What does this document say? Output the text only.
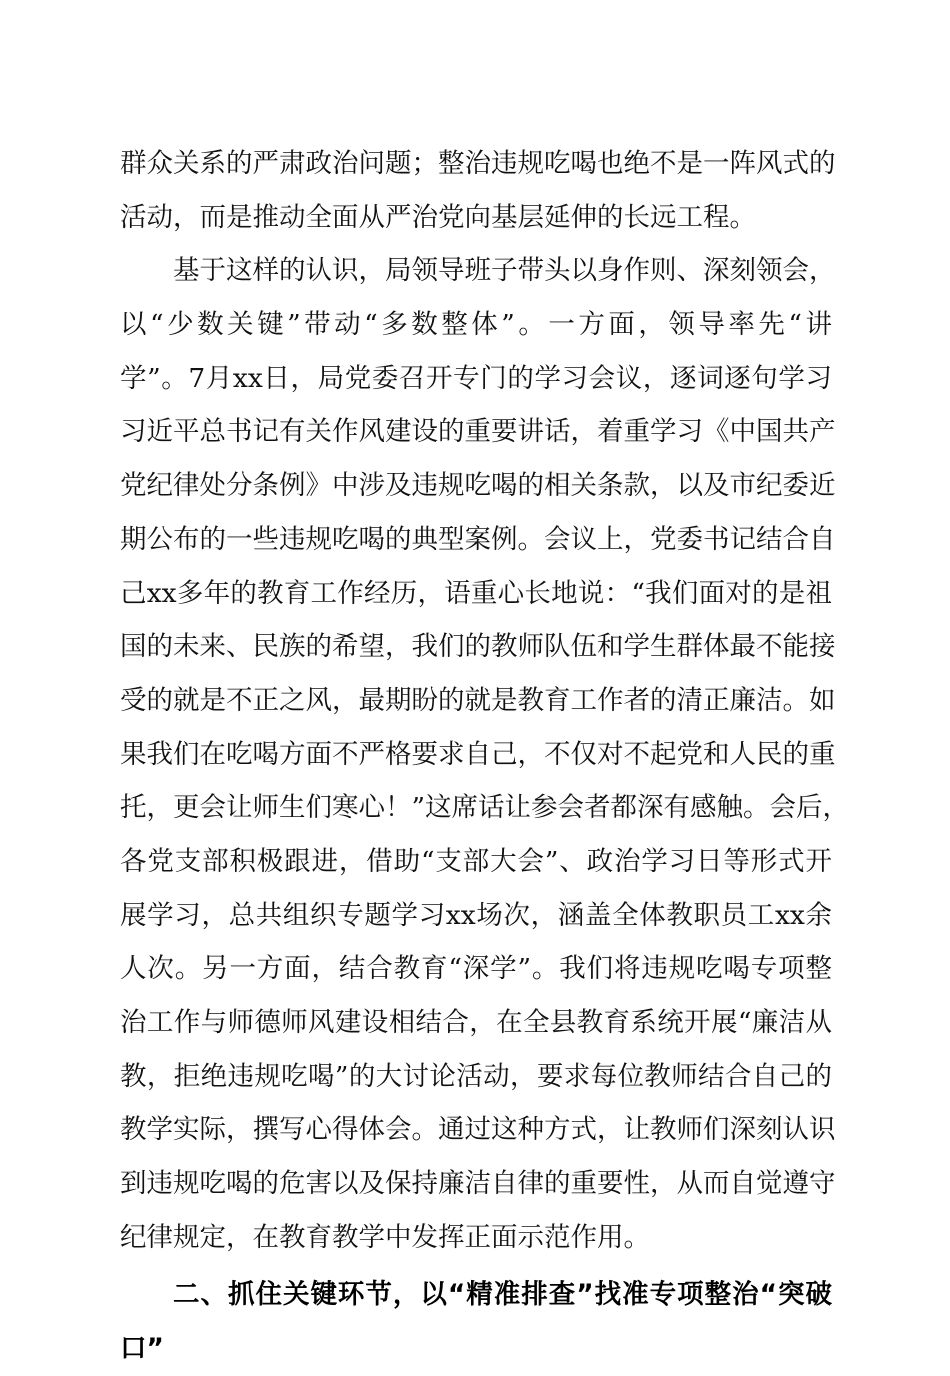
群众关系的严肃政治问题；整治违规吃喝也绝不是一阵风式的
活动，而是推动全面从严治党向基层延伸的长远工程。
基于这样的认识，局领导班子带头以身作则、深刻领会，
以“少数关键”带动“多数整体”。一方面，领导率先“讲
学”。7月xx日，局党委召开专门的学习会议，逐词逐句学习
习近平总书记有关作风建设的重要讲话，着重学习《中国共产
党纪律处分条例》中涉及违规吃喝的相关条款，以及市纪委近
期公布的一些违规吃喝的典型案例。会议上，党委书记结合自
己xx多年的教育工作经历，语重心长地说：“我们面对的是祖
国的未来、民族的希望，我们的教师队伍和学生群体最不能接
受的就是不正之风，最期盼的就是教育工作者的清正廉洁。如
果我们在吃喝方面不严格要求自己，不仅对不起党和人民的重
托，更会让师生们寒心！”这席话让参会者都深有感触。会后，
各党支部积极跟进，借助“支部大会”、政治学习日等形式开
展学习，总共组织专题学习xx场次，涵盖全体教职员工xx余
人次。另一方面，结合教育“深学”。我们将违规吃喝专项整
治工作与师德师风建设相结合，在全县教育系统开展“廉洁从
教，拒绝违规吃喝”的大讨论活动，要求每位教师结合自己的
教学实际，撰写心得体会。通过这种方式，让教师们深刻认识
到违规吃喝的危害以及保持廉洁自律的重要性，从而自觉遵守
纪律规定，在教育教学中发挥正面示范作用。
二、抓住关键环节，以“精准排查”找准专项整治“突破
口”
